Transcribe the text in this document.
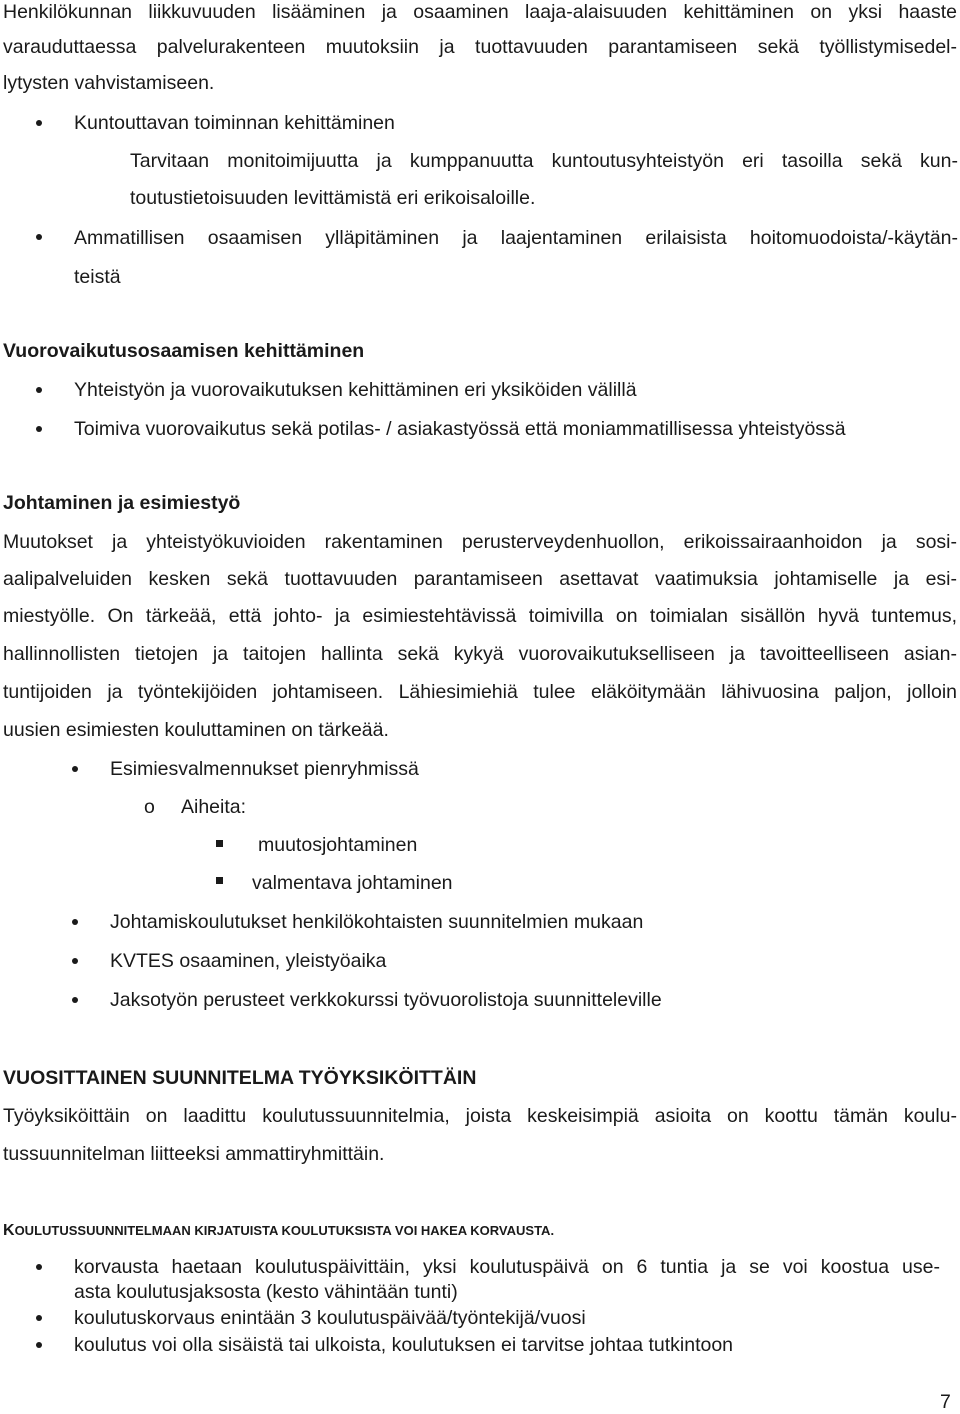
Henkilökunnan liikkuvuuden lisääminen ja osaaminen laaja-alaisuuden kehittäminen on yksi haaste
varauduttaessa palvelurakenteen muutoksiin ja tuottavuuden parantamiseen sekä työllistymisedel-
lytysten vahvistamiseen.
Kuntouttavan toiminnan kehittäminen
Tarvitaan monitoimijuutta ja kumppanuutta kuntoutusyhteistyön eri tasoilla sekä kun-
toutustietoisuuden levittämistä eri erikoisaloille.
Ammatillisen osaamisen ylläpitäminen ja laajentaminen erilaisista hoitomuodoista/-käytän-
teistä
Vuorovaikutusosaamisen kehittäminen
Yhteistyön ja vuorovaikutuksen kehittäminen eri yksiköiden välillä
Toimiva vuorovaikutus sekä potilas- / asiakastyössä että moniammatillisessa yhteistyössä
Johtaminen ja esimiestyö
Muutokset ja yhteistyökuvioiden rakentaminen perusterveydenhuollon, erikoissairaanhoidon ja sosi-
aalipalveluiden kesken sekä tuottavuuden parantamiseen asettavat vaatimuksia johtamiselle ja esi-
miestyölle. On tärkeää, että johto- ja esimiestehtävissä toimivilla on toimialan sisällön hyvä tuntemus,
hallinnollisten tietojen ja taitojen hallinta sekä kykyä vuorovaikutukselliseen ja tavoitteelliseen asian-
tuntijoiden ja työntekijöiden johtamiseen. Lähiesimiehiä tulee eläköitymään lähivuosina paljon, jolloin
uusien esimiesten kouluttaminen on tärkeää.
Esimiesvalmennukset pienryhmissä
o Aiheita:
muutosjohtaminen
valmentava johtaminen
Johtamiskoulutukset henkilökohtaisten suunnitelmien mukaan
KVTES osaaminen, yleistyöaika
Jaksotyön perusteet verkkokurssi työvuorolistoja suunnitteleville
VUOSITTAINEN SUUNNITELMA TYÖYKSIKÖITTÄIN
Työyksiköittäin on laadittu koulutussuunnitelmia, joista keskeisimpiä asioita on koottu tämän koulu-
tussuunnitelman liitteeksi ammattiryhmittäin.
KOULUTUSSUUNNITELMAAN KIRJATUISTA KOULUTUKSISTA VOI HAKEA KORVAUSTA.
korvausta haetaan koulutuspäivittäin, yksi koulutuspäivä on 6 tuntia ja se voi koostua use-
asta koulutusjaksosta (kesto vähintään tunti)
koulutuskorvaus enintään 3 koulutuspäivää/työntekijä/vuosi
koulutus voi olla sisäistä tai ulkoista, koulutuksen ei tarvitse johtaa tutkintoon
7
